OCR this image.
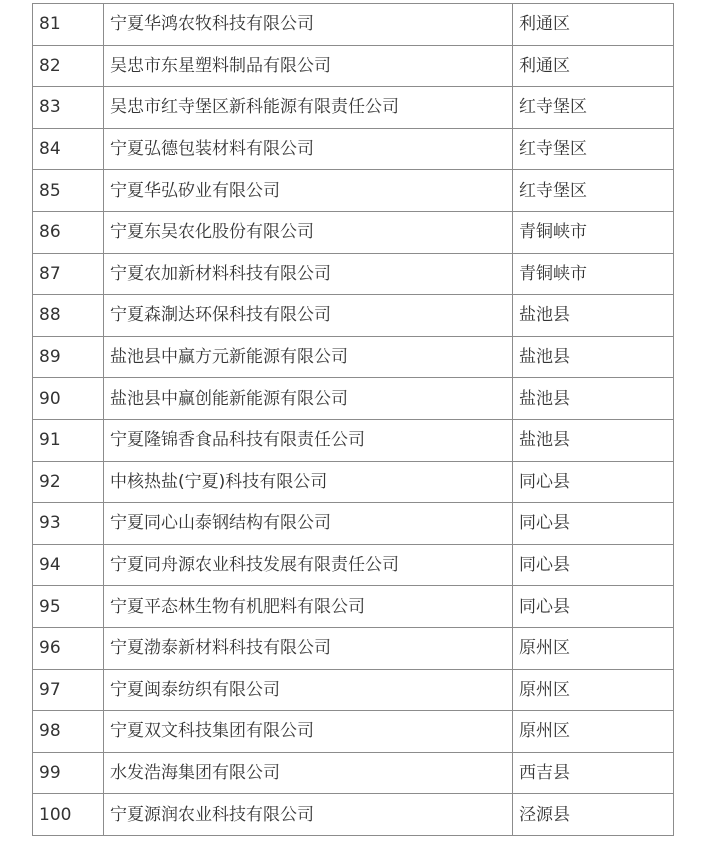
81	宁夏华鸿农牧科技有限公司	利通区
82	吴忠市东星塑料制品有限公司	利通区
83	吴忠市红寺堡区新科能源有限责任公司	红寺堡区
84	宁夏弘德包装材料有限公司	红寺堡区
85	宁夏华弘矽业有限公司	红寺堡区
86	宁夏东吴农化股份有限公司	青铜峡市
87	宁夏农加新材料科技有限公司	青铜峡市
88	宁夏森淛达环保科技有限公司	盐池县
89	盐池县中赢方元新能源有限公司	盐池县
90	盐池县中赢创能新能源有限公司	盐池县
91	宁夏隆锦香食品科技有限责任公司	盐池县
92	中核热盐(宁夏)科技有限公司	同心县
93	宁夏同心山泰钢结构有限公司	同心县
94	宁夏同舟源农业科技发展有限责任公司	同心县
95	宁夏平态林生物有机肥料有限公司	同心县
96	宁夏渤泰新材料科技有限公司	原州区
97	宁夏闽泰纺织有限公司	原州区
98	宁夏双文科技集团有限公司	原州区
99	水发浩海集团有限公司	西吉县
100	宁夏源润农业科技有限公司	泾源县
